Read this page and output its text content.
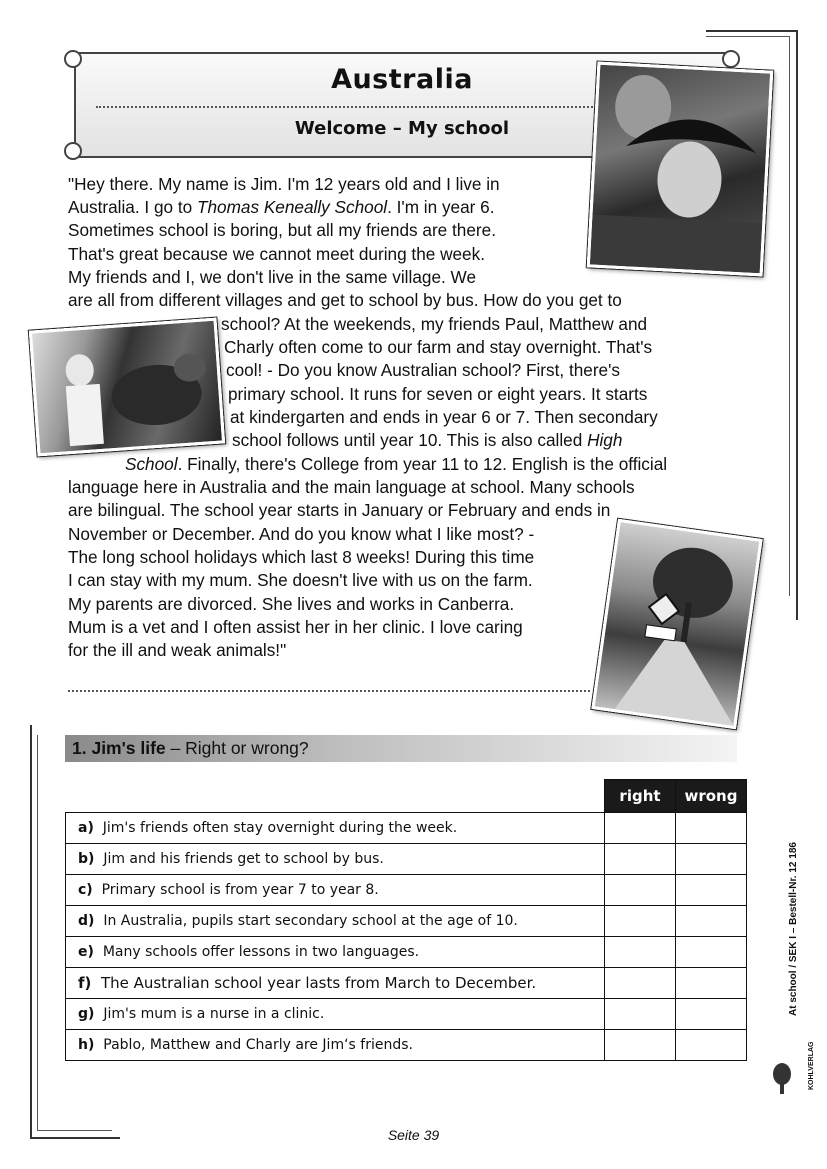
Australia
Welcome – My school
"Hey there. My name is Jim. I'm 12 years old and I live in
Australia. I go to Thomas Keneally School. I'm in year 6.
Sometimes school is boring, but all my friends are there.
That's great because we cannot meet during the week.
My friends and I, we don't live in the same village. We
are all from different villages and get to school by bus. How do you get to
school? At the weekends, my friends Paul, Matthew and
Charly often come to our farm and stay overnight. That's
cool! - Do you know Australian school? First, there's
primary school. It runs for seven or eight years. It starts
at kindergarten and ends in year 6 or 7. Then secondary
school follows until year 10. This is also called High
School. Finally, there's College from year 11 to 12. English is the official
language here in Australia and the main language at school. Many schools
are bilingual. The school year starts in January or February and ends in
November or December. And do you know what I like most? -
The long school holidays which last 8 weeks! During this time
I can stay with my mum. She doesn't live with us on the farm.
My parents are divorced. She lives and works in Canberra.
Mum is a vet and I often assist her in her clinic. I love caring
for the ill and weak animals!"
1. Jim's life – Right or wrong?
	right	wrong
a) Jim's friends often stay overnight during the week.		
b) Jim and his friends get to school by bus.		
c) Primary school is from year 7 to year 8.		
d) In Australia, pupils start secondary school at the age of 10.		
e) Many schools offer lessons in two languages.		
f) The Australian school year lasts from March to December.		
g) Jim's mum is a nurse in a clinic.		
h) Pablo, Matthew and Charly are Jim‘s friends.		
At school / SEK I – Bestell-Nr. 12 186
KOHLVERLAG
Seite 39
